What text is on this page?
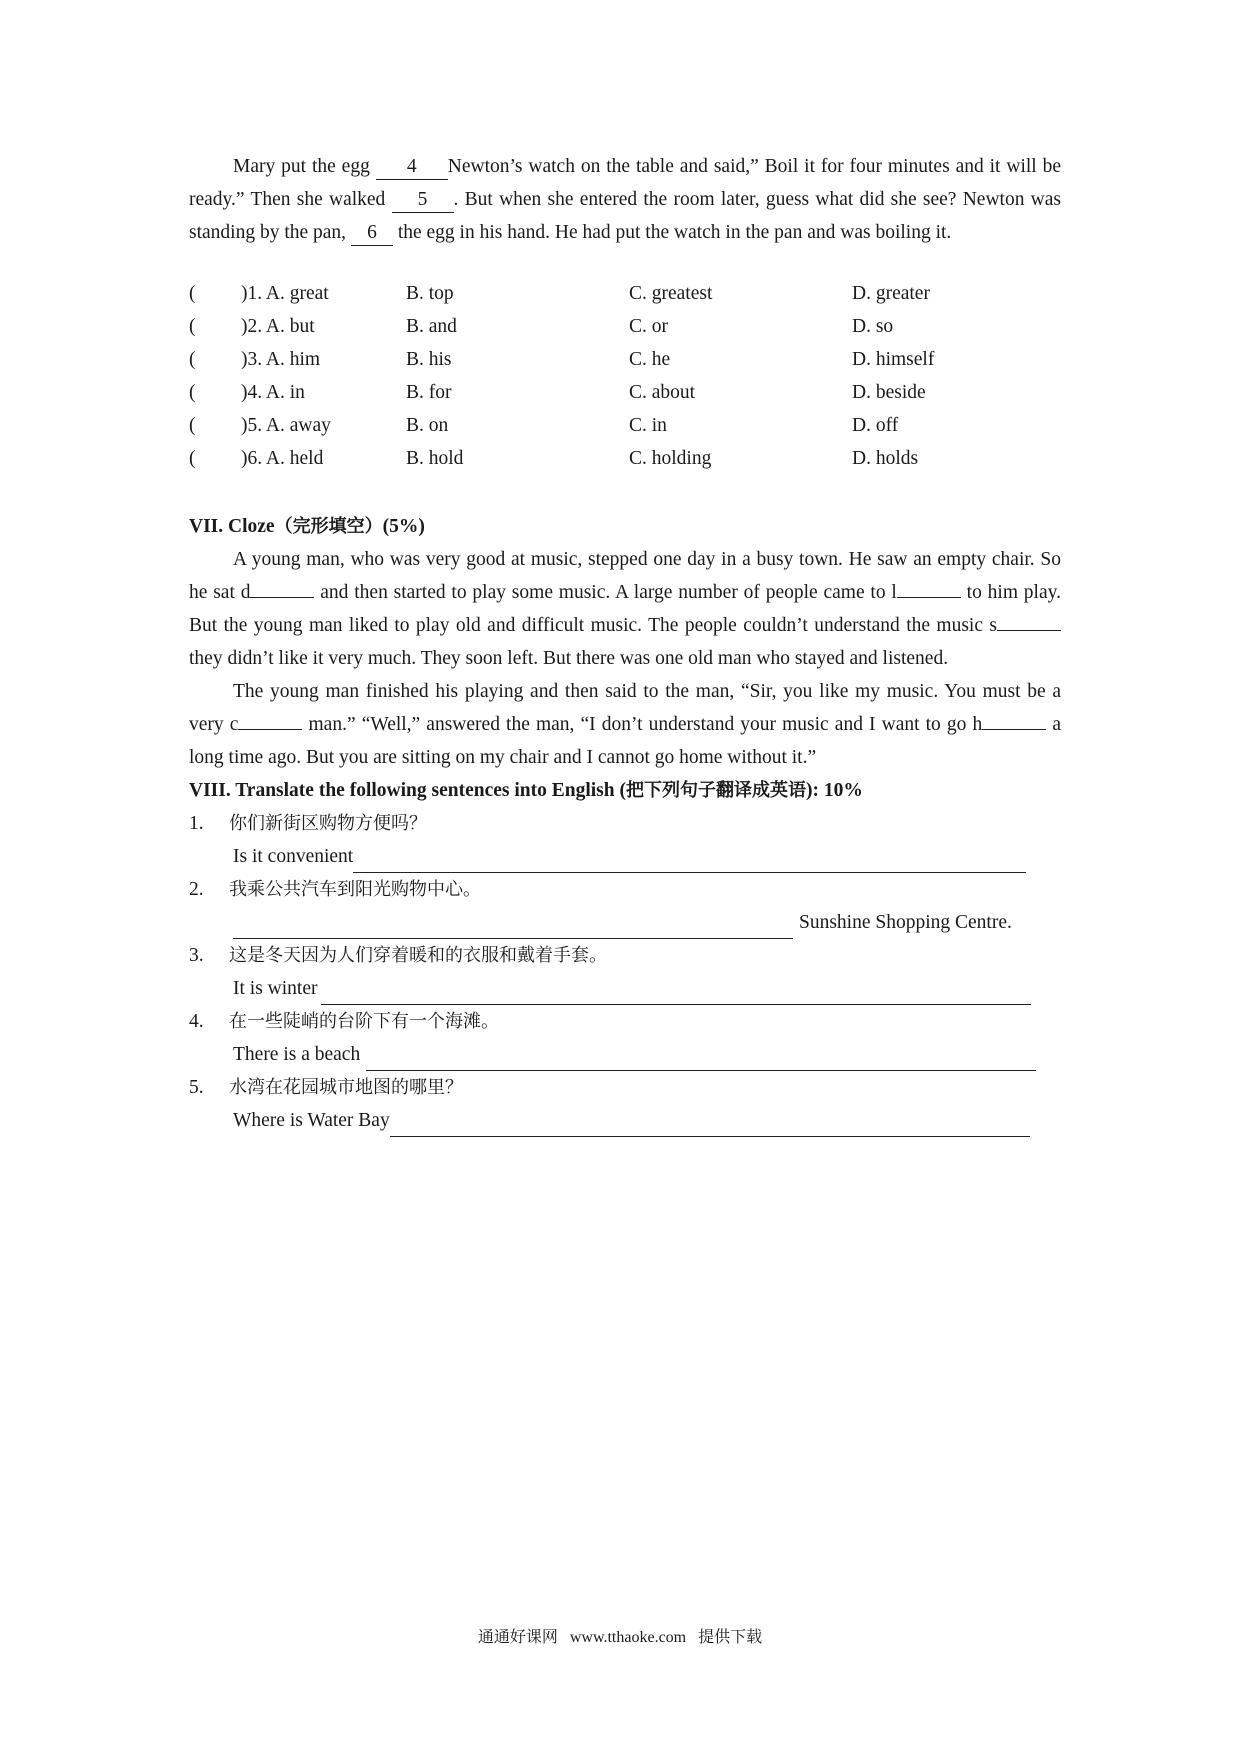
Mary put the egg 4 Newton’s watch on the table and said,” Boil it for four minutes and it will be ready.” Then she walked 5 . But when she entered the room later, guess what did she see? Newton was standing by the pan, 6 the egg in his hand. He had put the watch in the pan and was boiling it.

(	)1. A. great	B. top	C. greatest	D. greater
(	)2. A. but	B. and	C. or	D. so
(	)3. A. him	B. his	C. he	D. himself
(	)4. A. in	B. for	C. about	D. beside
(	)5. A. away	B. on	C. in	D. off
(	)6. A. held	B. hold	C. holding	D. holds

VII. Cloze（完形填空）(5%)

A young man, who was very good at music, stepped one day in a busy town. He saw an empty chair. So he sat d	and then started to play some music. A large number of people came to l	to him play. But the young man liked to play old and difficult music. The people couldn’t understand the music s they didn’t like it very much. They soon left. But there was one old man who stayed and listened.

The young man finished his playing and then said to the man, “Sir, you like my music. You must be a very c	man.” “Well,” answered the man, “I don’t understand your music and I want to go h	a long time ago. But you are sitting on my chair and I cannot go home without it.”

VIII. Translate the following sentences into English (把下列句子翻译成英语): 10%

1.	你们新街区购物方便吗？
Is it convenient
2.	我乘公共汽车到阳光购物中心。
Sunshine Shopping Centre.
3.	这是冬天因为人们穿着暖和的衣服和戴着手套。
It is winter
4.	在一些陡峭的台阶下有一个海滩。
There is a beach
5.	水湾在花园城市地图的哪里？
Where is Water Bay
通通好课网 www.tthaoke.com 提供下载
